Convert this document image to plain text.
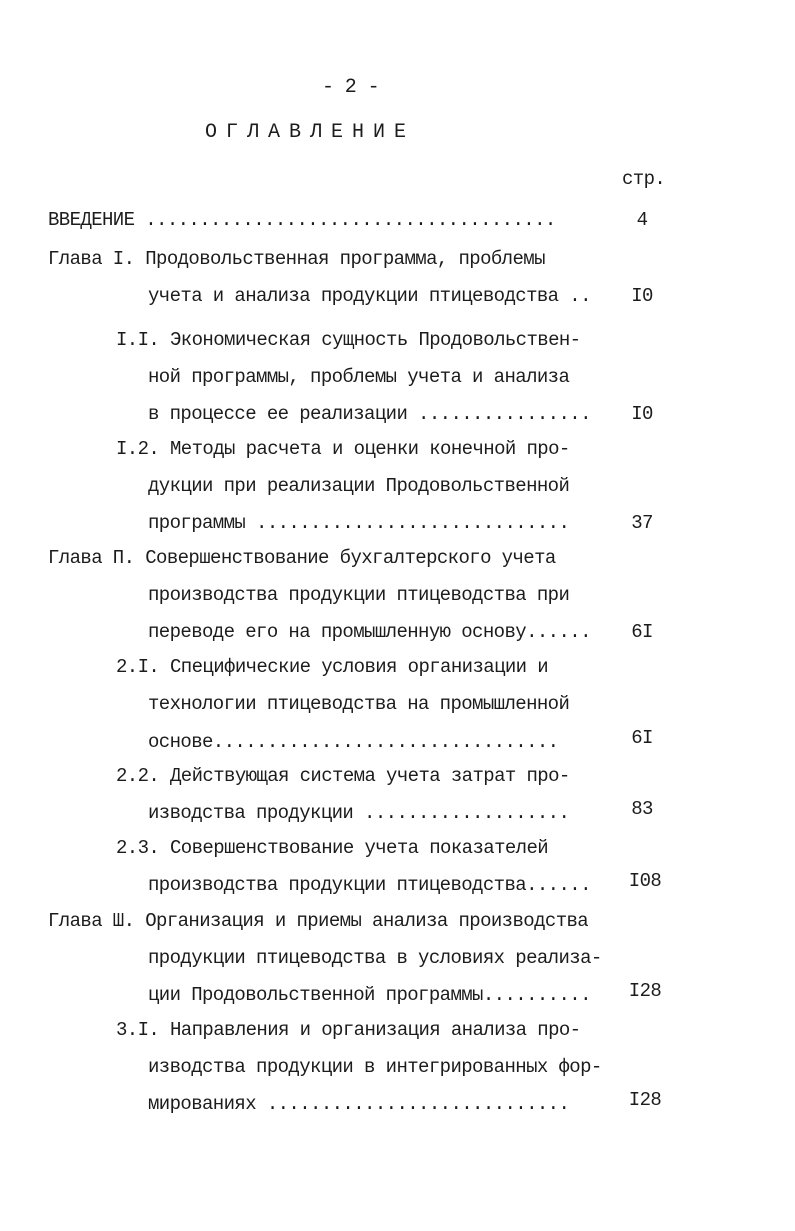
- 2 -
ОГЛАВЛЕНИЕ
стр.
ВВЕДЕНИЕ ......................................	4
Глава I. Продовольственная программа, проблемы
учета и анализа продукции птицеводства ..	I0
I.I. Экономическая сущность Продовольствен-
ной программы, проблемы учета и анализа
в процессе ее реализации ................	I0
I.2. Методы расчета и оценки конечной про-
дукции при реализации Продовольственной
программы .............................	37
Глава П. Совершенствование бухгалтерского учета
производства продукции птицеводства при
переводе его на промышленную основу......	6I
2.I. Специфические условия организации и
технологии птицеводства на промышленной
основе................................	6I
2.2. Действующая система учета затрат про-
изводства продукции ...................	83
2.3. Совершенствование учета показателей
производства продукции птицеводства......	I08
Глава Ш. Организация и приемы анализа производства
продукции птицеводства в условиях реализа-
ции Продовольственной программы..........	I28
3.I. Направления и организация анализа про-
изводства продукции в интегрированных фор-
мированиях ............................	I28
